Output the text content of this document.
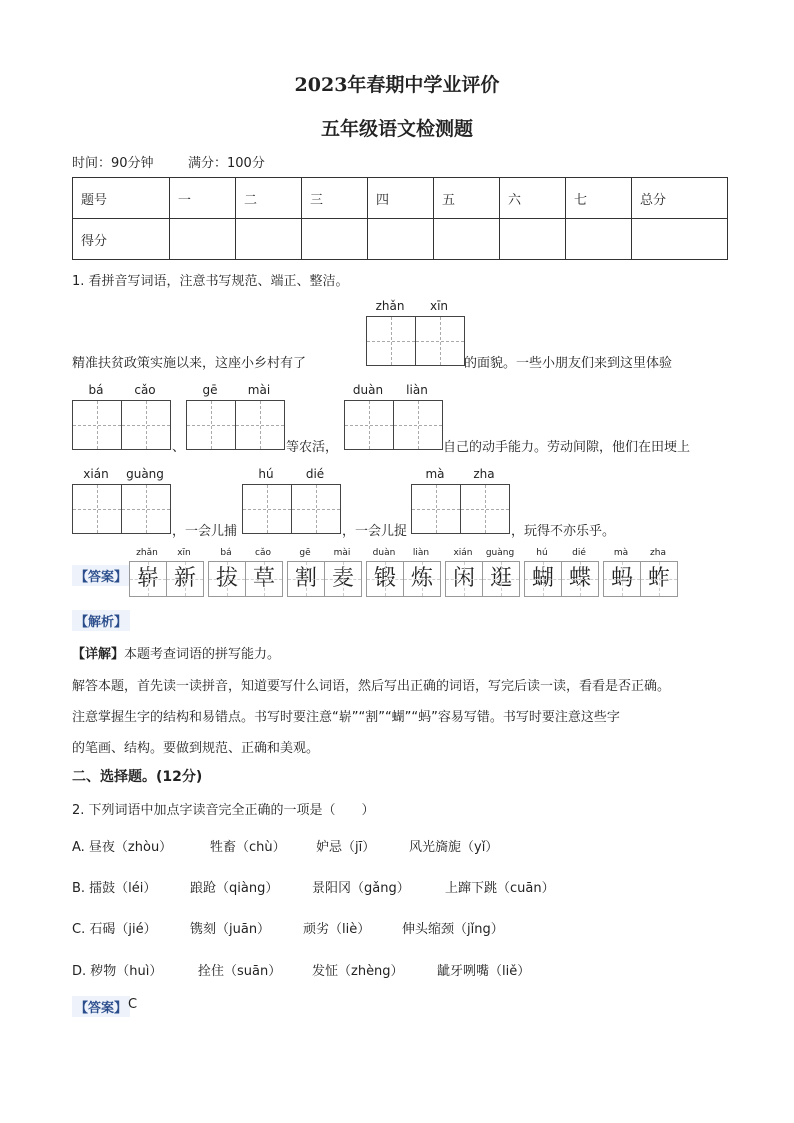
2023年春期中学业评价
五年级语文检测题
时间：90分钟	满分：100分
题号	一	二	三	四	五	六	七	总分
得分								
1. 看拼音写词语，注意书写规范、端正、整洁。
zhǎn	xīn
精准扶贫政策实施以来，这座小乡村有了	的面貌。一些小朋友们来到这里体验
bá	cǎo
、
gē	mài
等农活，
duàn	liàn
自己的动手能力。劳动间隙，他们在田埂上
xián	guàng
，一会儿捕
hú	dié
，一会儿捉
mà	zha
，玩得不亦乐乎。
【答案】
zhǎn	xīn
崭 新
bá	cǎo
拔 草
gē	mài
割 麦
duàn	liàn
锻 炼
xián	guàng
闲 逛
hú	dié
蝴 蝶
mà	zha
蚂 蚱
【解析】
【详解】本题考查词语的拼写能力。
解答本题，首先读一读拼音，知道要写什么词语，然后写出正确的词语，写完后读一读，看看是否正确。
注意掌握生字的结构和易错点。书写时要注意“崭”“割”“蝴”“蚂”容易写错。书写时要注意这些字
的笔画、结构。要做到规范、正确和美观。
二、选择题。(12分)
2. 下列词语中加点字读音完全正确的一项是（　　）
A. 昼夜（zhòu）	牲畜（chù） 妒忌（jī）	风光旖旎（yǐ）
B. 擂鼓（léi）	踉跄（qiàng）	景阳冈（gǎng）	上蹿下跳（cuān）
C. 石碣（jié）	镌刻（juān）	顽劣（liè） 伸头缩颈（jǐng）
D. 秽物（huì）	拴住（suān） 发怔（zhèng）	龇牙咧嘴（liě）
【答案】 C
